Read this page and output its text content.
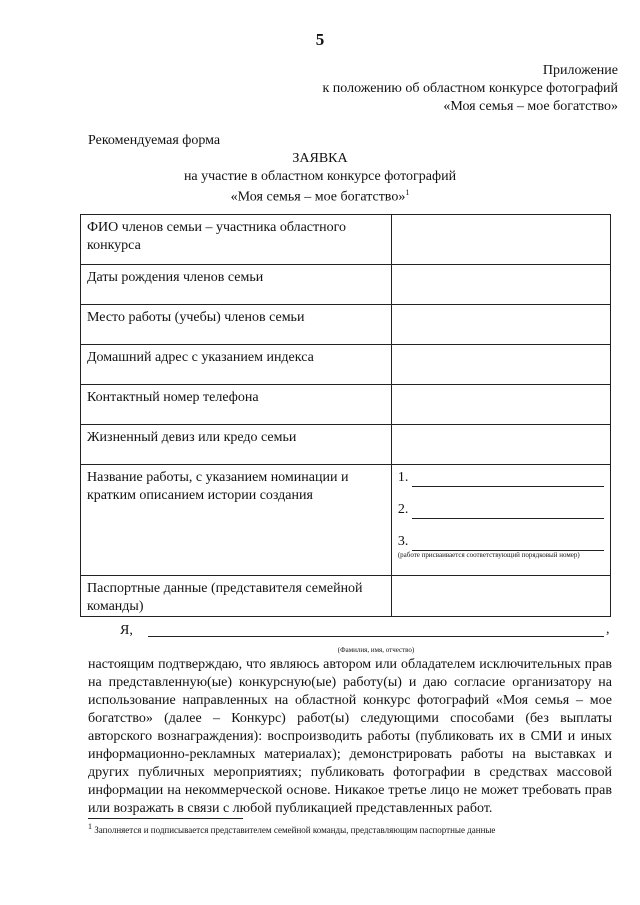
5
Приложение
к положению об областном конкурсе фотографий
«Моя семья – мое богатство»
Рекомендуемая форма
ЗАЯВКА
на участие в областном конкурсе фотографий
«Моя семья – мое богатство»$^1$
ФИО членов семьи – участника областного конкурса	
Даты рождения членов семьи	
Место работы (учебы) членов семьи	
Домашний адрес с указанием индекса	
Контактный номер телефона	
Жизненный девиз или кредо семьи	
Название работы, с указанием номинации и кратким описанием истории создания	1.
2.
3.
(работе присваивается соответствующий порядковый номер)

Паспортные данные (представителя семейной команды)	
Я,	,
(Фамилия, имя, отчество)

настоящим подтверждаю, что являюсь автором или обладателем исключительных прав на представленную(ые) конкурсную(ые) работу(ы) и даю согласие организатору на использование направленных на областной конкурс фотографий «Моя семья – мое богатство» (далее – Конкурс) работ(ы) следующими способами (без выплаты авторского вознаграждения): воспроизводить работы (публиковать их в СМИ и иных информационно-рекламных материалах); демонстрировать работы на выставках и других публичных мероприятиях; публиковать фотографии в средствах массовой информации на некоммерческой основе. Никакое третье лицо не может требовать прав или возражать в связи с любой публикацией представленных работ.

$^1$ Заполняется и подписывается представителем семейной команды, представляющим паспортные данные
